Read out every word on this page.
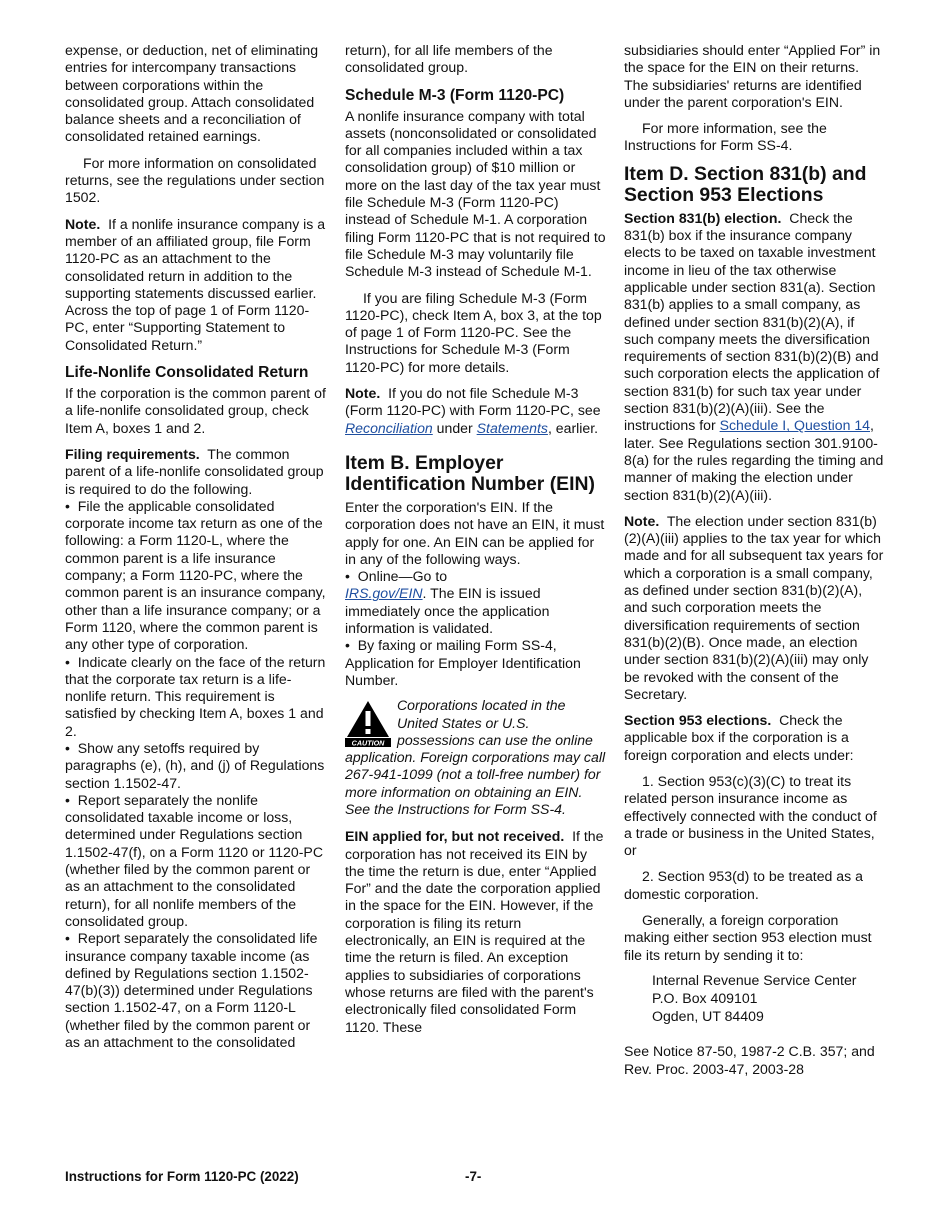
expense, or deduction, net of eliminating entries for intercompany transactions between corporations within the consolidated group. Attach consolidated balance sheets and a reconciliation of consolidated retained earnings.

For more information on consolidated returns, see the regulations under section 1502.

Note. If a nonlife insurance company is a member of an affiliated group, file Form 1120-PC as an attachment to the consolidated return in addition to the supporting statements discussed earlier. Across the top of page 1 of Form 1120-PC, enter “Supporting Statement to Consolidated Return.”

Life-Nonlife Consolidated Return

If the corporation is the common parent of a life-nonlife consolidated group, check Item A, boxes 1 and 2.

Filing requirements. The common parent of a life-nonlife consolidated group is required to do the following.

•  File the applicable consolidated corporate income tax return as one of the following: a Form 1120-L, where the common parent is a life insurance company; a Form 1120-PC, where the common parent is an insurance company, other than a life insurance company; or a Form 1120, where the common parent is any other type of corporation.

•  Indicate clearly on the face of the return that the corporate tax return is a life-nonlife return. This requirement is satisfied by checking Item A, boxes 1 and 2.

•  Show any setoffs required by paragraphs (e), (h), and (j) of Regulations section 1.1502-47.

•  Report separately the nonlife consolidated taxable income or loss, determined under Regulations section 1.1502-47(f), on a Form 1120 or 1120-PC (whether filed by the common parent or as an attachment to the consolidated return), for all nonlife members of the consolidated group.

•  Report separately the consolidated life insurance company taxable income (as defined by Regulations section 1.1502-47(b)(3)) determined under Regulations section 1.1502-47, on a Form 1120-L (whether filed by the common parent or as an attachment to the consolidated

return), for all life members of the consolidated group.

Schedule M-3 (Form 1120-PC)

A nonlife insurance company with total assets (nonconsolidated or consolidated for all companies included within a tax consolidation group) of $10 million or more on the last day of the tax year must file Schedule M-3 (Form 1120-PC) instead of Schedule M-1. A corporation filing Form 1120-PC that is not required to file Schedule M-3 may voluntarily file Schedule M-3 instead of Schedule M-1.

If you are filing Schedule M-3 (Form 1120-PC), check Item A, box 3, at the top of page 1 of Form 1120-PC. See the Instructions for Schedule M-3 (Form 1120-PC) for more details.

Note. If you do not file Schedule M-3 (Form 1120-PC) with Form 1120-PC, see Reconciliation under Statements, earlier.

Item B. Employer Identification Number (EIN)

Enter the corporation's EIN. If the corporation does not have an EIN, it must apply for one. An EIN can be applied for in any of the following ways.

•  Online—Go to
IRS.gov/EIN. The EIN is issued immediately once the application information is validated.

•  By faxing or mailing Form SS-4, Application for Employer Identification Number.

CAUTION
Corporations located in the United States or U.S. possessions can use the online application. Foreign corporations may call 267-941-1099 (not a toll-free number) for more information on obtaining an EIN. See the Instructions for Form SS-4.

EIN applied for, but not received. If the corporation has not received its EIN by the time the return is due, enter “Applied For” and the date the corporation applied in the space for the EIN. However, if the corporation is filing its return electronically, an EIN is required at the time the return is filed. An exception applies to subsidiaries of corporations whose returns are filed with the parent's electronically filed consolidated Form 1120. These

subsidiaries should enter “Applied For” in the space for the EIN on their returns. The subsidiaries' returns are identified under the parent corporation's EIN.

For more information, see the Instructions for Form SS-4.

Item D. Section 831(b) and Section 953 Elections

Section 831(b) election. Check the 831(b) box if the insurance company elects to be taxed on taxable investment income in lieu of the tax otherwise applicable under section 831(a). Section 831(b) applies to a small company, as defined under section 831(b)(2)(A), if such company meets the diversification requirements of section 831(b)(2)(B) and such corporation elects the application of section 831(b) for such tax year under section 831(b)(2)(A)(iii). See the instructions for Schedule I, Question 14, later. See Regulations section 301.9100-8(a) for the rules regarding the timing and manner of making the election under section 831(b)(2)(A)(iii).

Note. The election under section 831(b)(2)(A)(iii) applies to the tax year for which made and for all subsequent tax years for which a corporation is a small company, as defined under section 831(b)(2)(A), and such corporation meets the diversification requirements of section 831(b)(2)(B). Once made, an election under section 831(b)(2)(A)(iii) may only be revoked with the consent of the Secretary.

Section 953 elections. Check the applicable box if the corporation is a foreign corporation and elects under:

1. Section 953(c)(3)(C) to treat its related person insurance income as effectively connected with the conduct of a trade or business in the United States, or

2. Section 953(d) to be treated as a domestic corporation.

Generally, a foreign corporation making either section 953 election must file its return by sending it to:

Internal Revenue Service Center
P.O. Box 409101
Ogden, UT 84409

See Notice 87-50, 1987-2 C.B. 357; and Rev. Proc. 2003-47, 2003-28

Instructions for Form 1120-PC (2022)	-7-
